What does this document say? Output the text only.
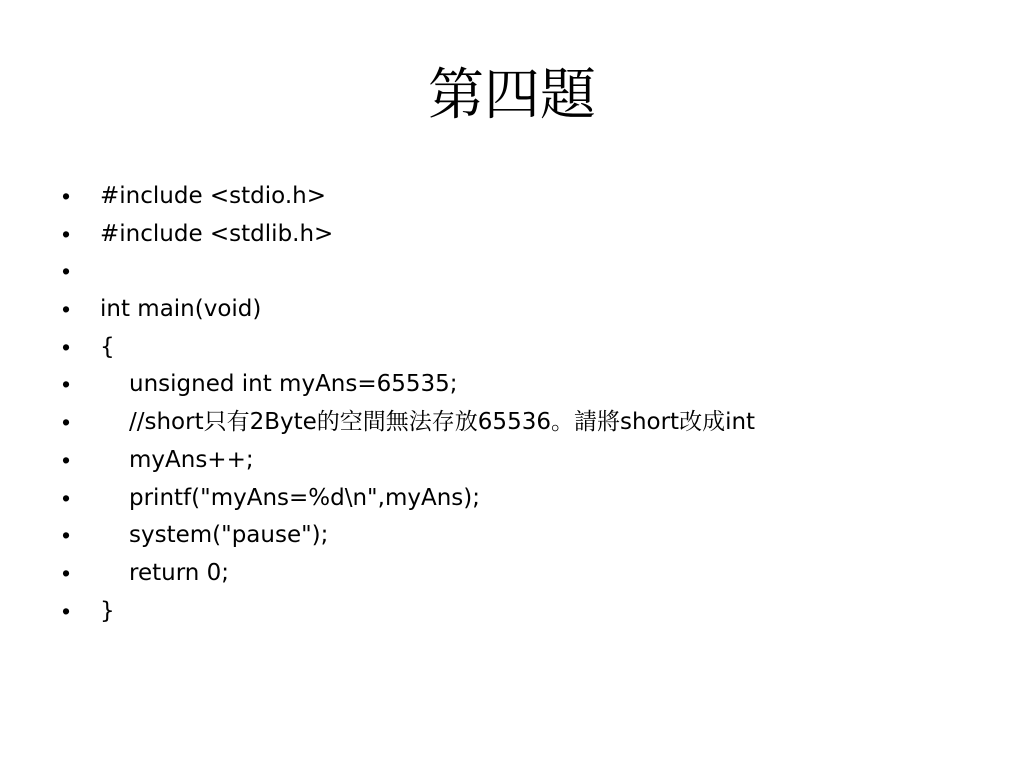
第四題

•

#include <stdio.h>

•

#include <stdlib.h>

•

•

int main(void)

•

{

•

	unsigned int myAns=65535;

•

	//short只有2Byte的空間無法存放65536。請將short改成int

•

	myAns++;

•

	printf("myAns=%d\n",myAns);

•

	system("pause");

•

	return 0;

•

}
